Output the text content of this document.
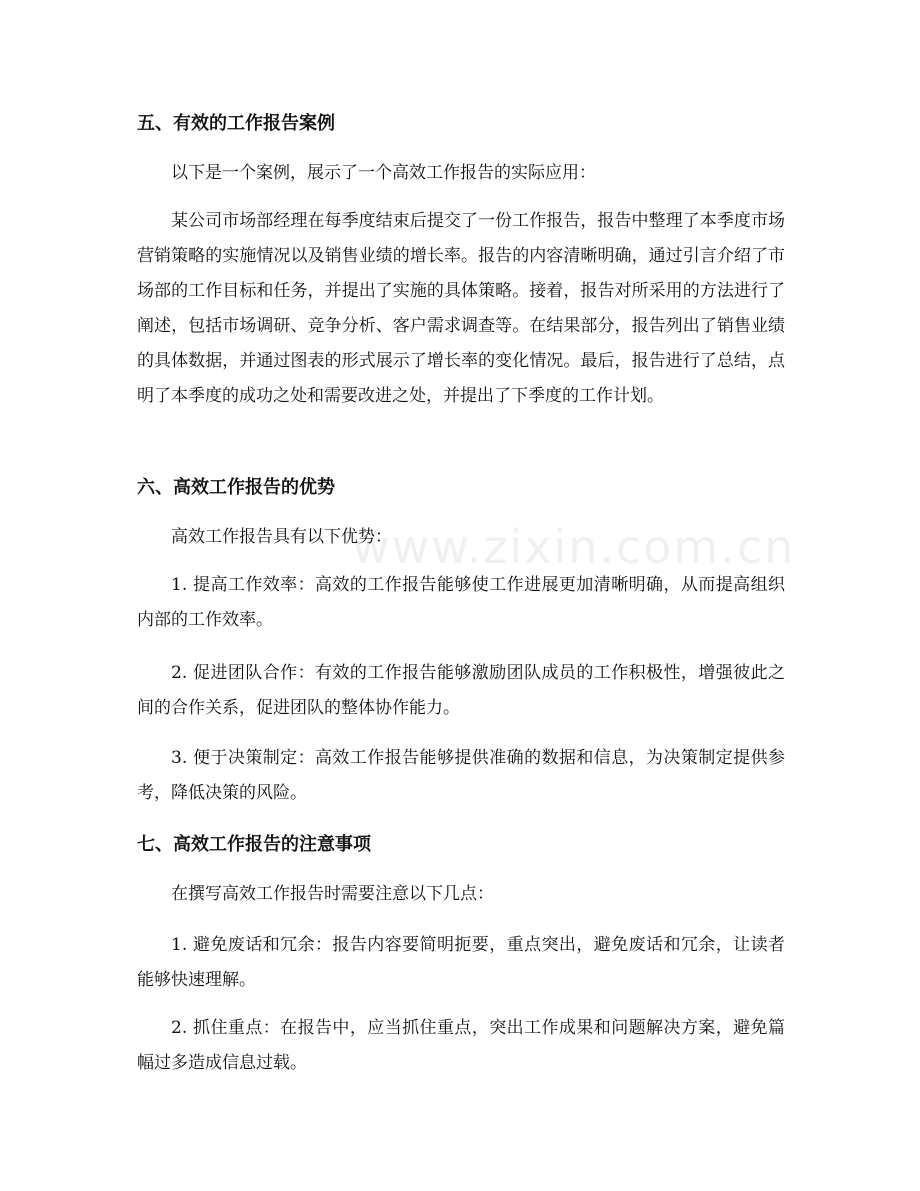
www.zixin.com.cn
五、有效的工作报告案例

以下是一个案例，展示了一个高效工作报告的实际应用：

某公司市场部经理在每季度结束后提交了一份工作报告，报告中整理了本季度市场营销策略的实施情况以及销售业绩的增长率。报告的内容清晰明确，通过引言介绍了市场部的工作目标和任务，并提出了实施的具体策略。接着，报告对所采用的方法进行了阐述，包括市场调研、竞争分析、客户需求调查等。在结果部分，报告列出了销售业绩的具体数据，并通过图表的形式展示了增长率的变化情况。最后，报告进行了总结，点明了本季度的成功之处和需要改进之处，并提出了下季度的工作计划。

六、高效工作报告的优势

高效工作报告具有以下优势：

1. 提高工作效率：高效的工作报告能够使工作进展更加清晰明确，从而提高组织内部的工作效率。

2. 促进团队合作：有效的工作报告能够激励团队成员的工作积极性，增强彼此之间的合作关系，促进团队的整体协作能力。

3. 便于决策制定：高效工作报告能够提供准确的数据和信息，为决策制定提供参考，降低决策的风险。

七、高效工作报告的注意事项

在撰写高效工作报告时需要注意以下几点：

1. 避免废话和冗余：报告内容要简明扼要，重点突出，避免废话和冗余，让读者能够快速理解。

2. 抓住重点：在报告中，应当抓住重点，突出工作成果和问题解决方案，避免篇幅过多造成信息过载。
